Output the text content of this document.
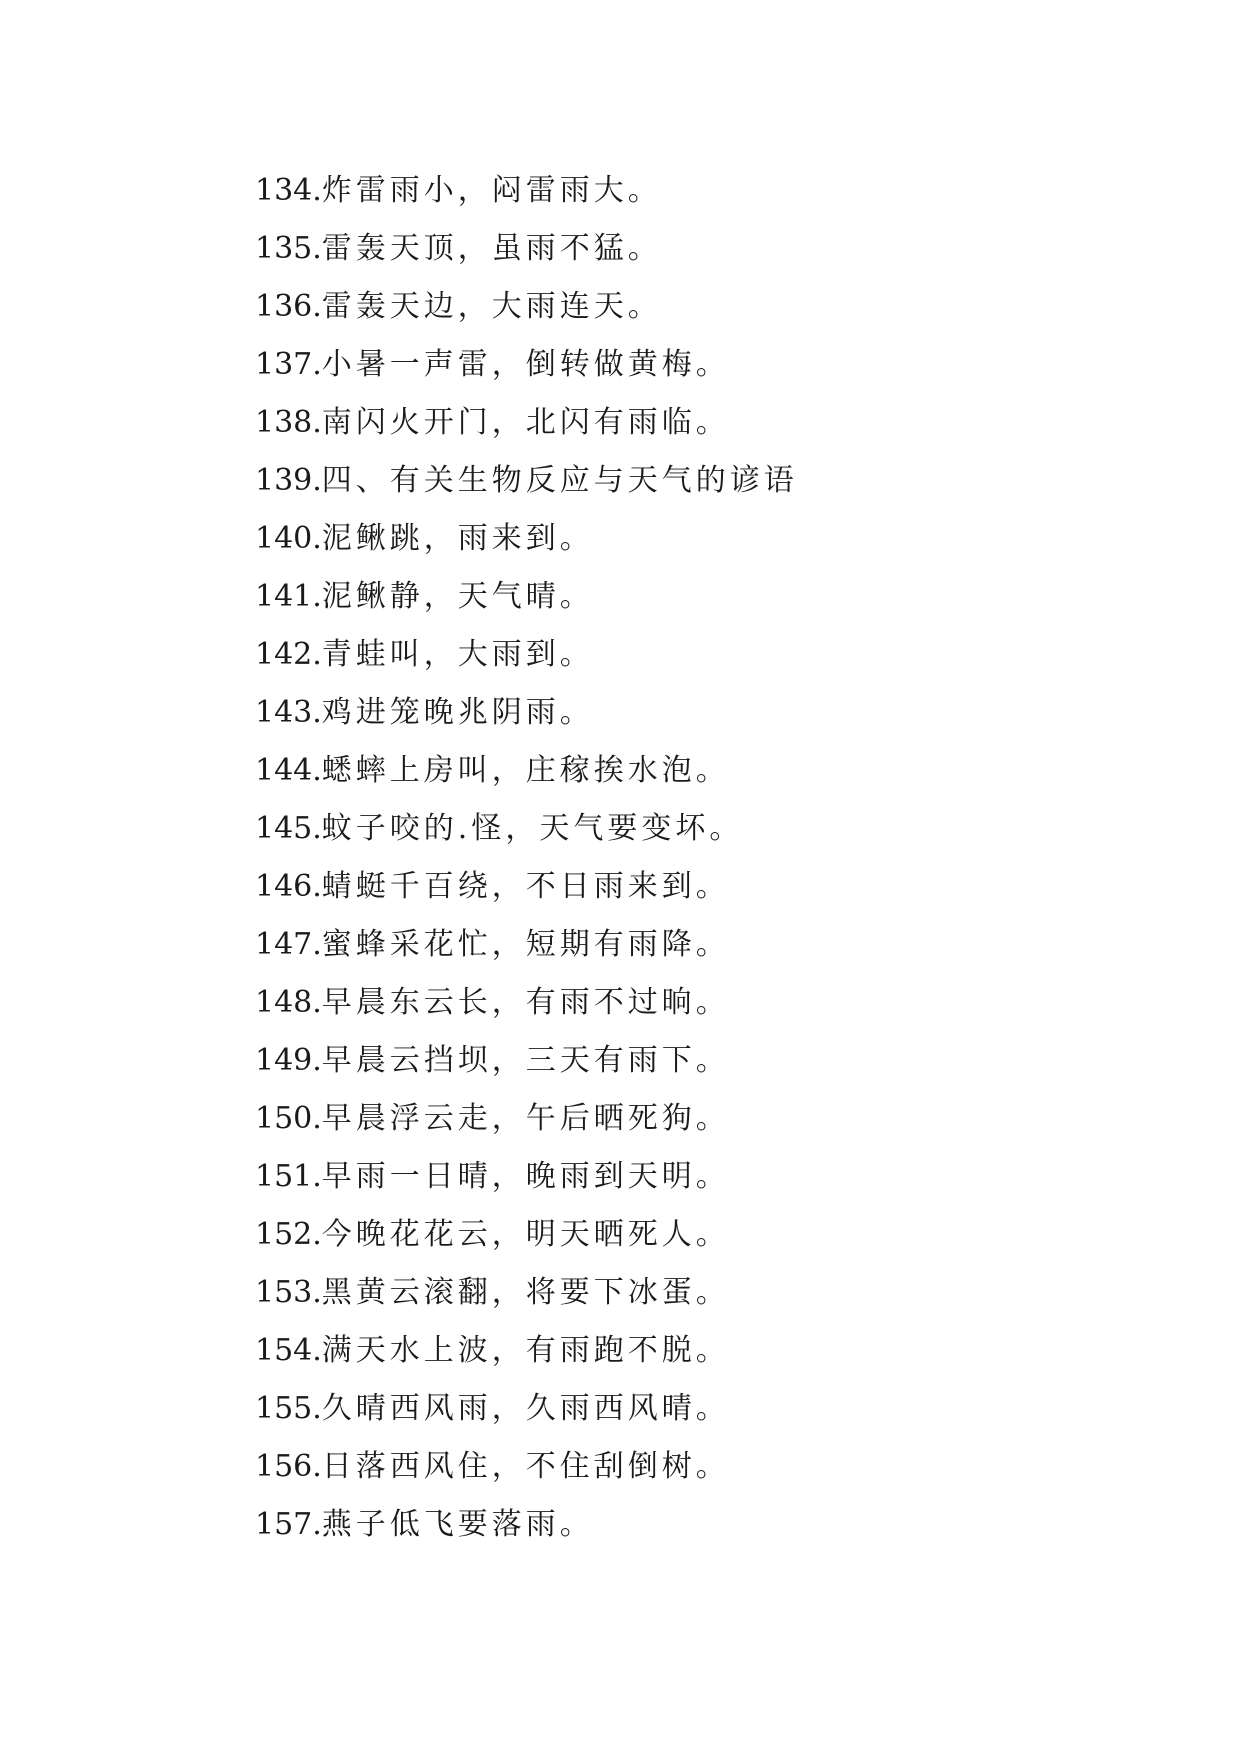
134.炸雷雨小，闷雷雨大。
135.雷轰天顶，虽雨不猛。
136.雷轰天边，大雨连天。
137.小暑一声雷，倒转做黄梅。
138.南闪火开门，北闪有雨临。
139.四、有关生物反应与天气的谚语
140.泥鳅跳，雨来到。
141.泥鳅静，天气晴。
142.青蛙叫，大雨到。
143.鸡进笼晚兆阴雨。
144.蟋蟀上房叫，庄稼挨水泡。
145.蚊子咬的.怪，天气要变坏。
146.蜻蜓千百绕，不日雨来到。
147.蜜蜂采花忙，短期有雨降。
148.早晨东云长，有雨不过晌。
149.早晨云挡坝，三天有雨下。
150.早晨浮云走，午后晒死狗。
151.早雨一日晴，晚雨到天明。
152.今晚花花云，明天晒死人。
153.黑黄云滚翻，将要下冰蛋。
154.满天水上波，有雨跑不脱。
155.久晴西风雨，久雨西风晴。
156.日落西风住，不住刮倒树。
157.燕子低飞要落雨。
